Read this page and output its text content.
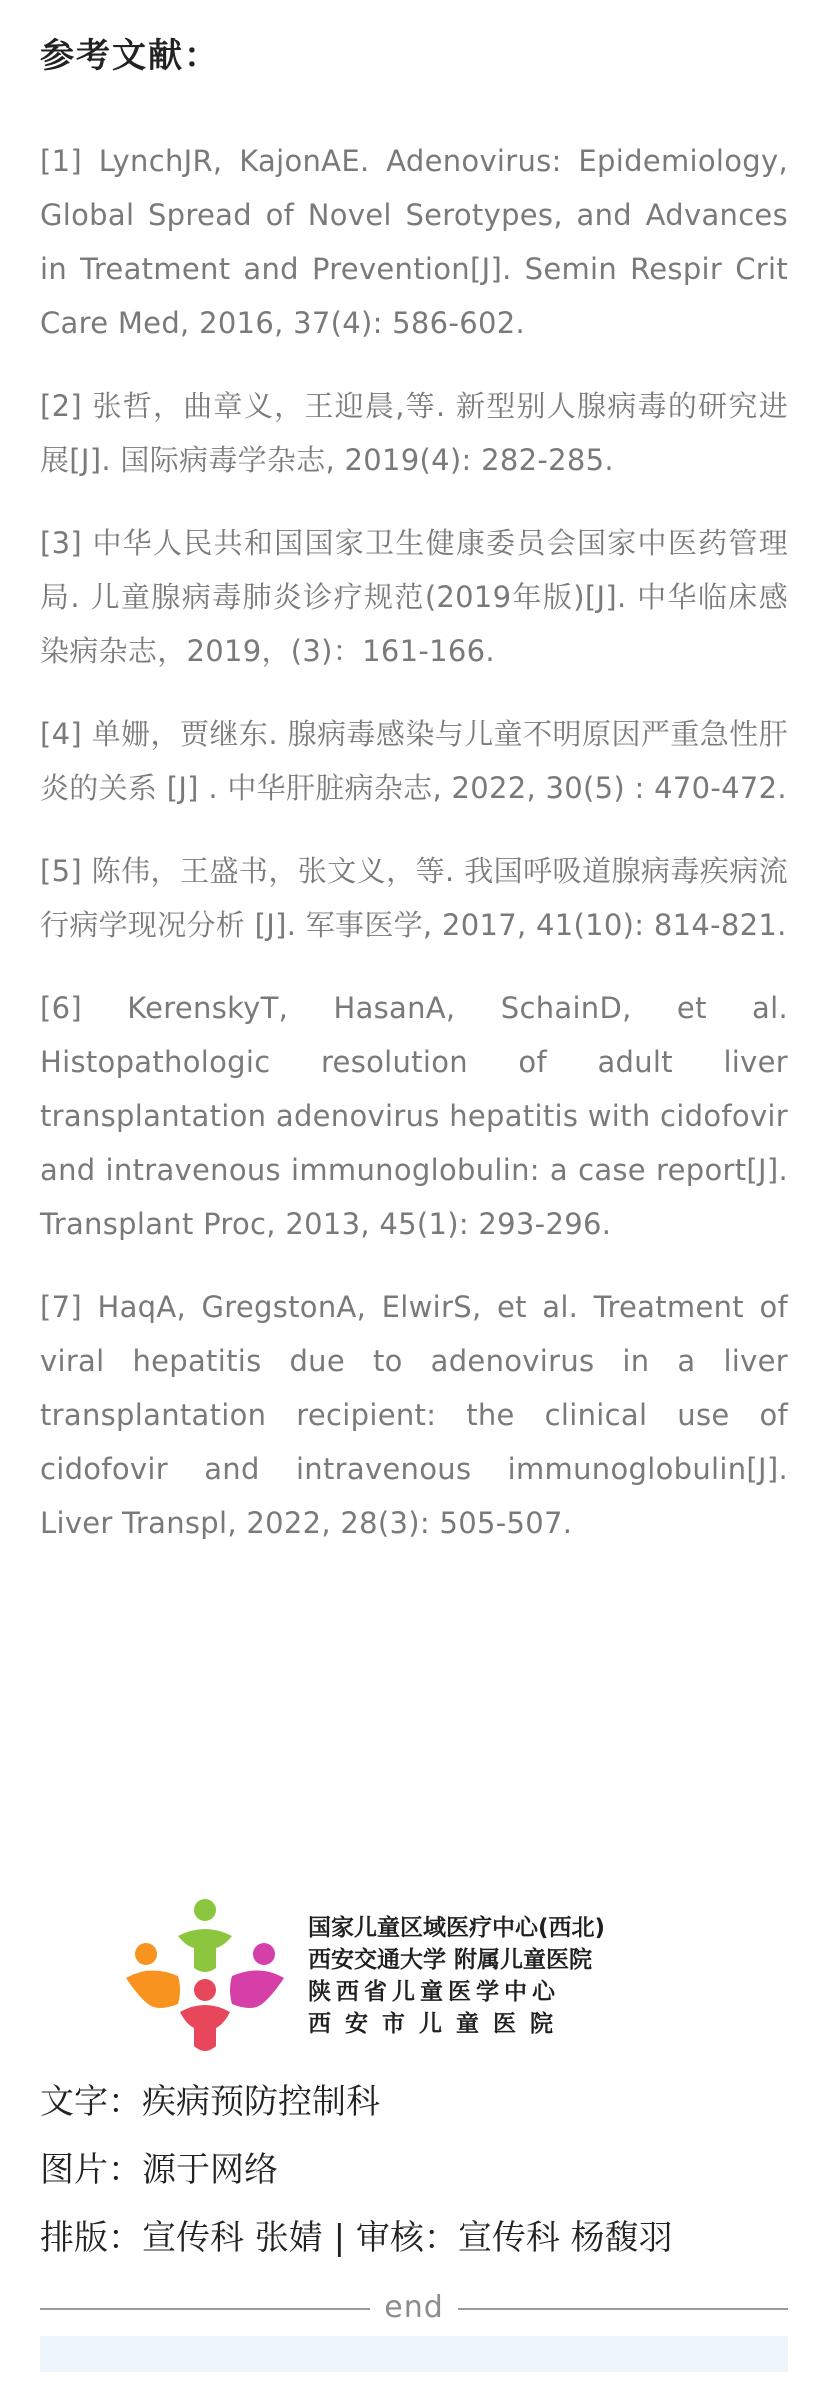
参考文献：

[1] LynchJR, KajonAE. Adenovirus: Epidemiology, Global Spread of Novel Serotypes, and Advances in Treatment and Prevention[J]. Semin Respir Crit Care Med, 2016, 37(4): 586-602.

[2] 张哲，曲章义，王迎晨,等. 新型别人腺病毒的研究进展[J]. 国际病毒学杂志, 2019(4): 282-285.

[3] 中华人民共和国国家卫生健康委员会国家中医药管理局. 儿童腺病毒肺炎诊疗规范(2019年版)[J]. 中华临床感染病杂志，2019，(3)：161-166.

[4] 单姗，贾继东. 腺病毒感染与儿童不明原因严重急性肝炎的关系 [J] . 中华肝脏病杂志, 2022, 30(5) : 470-472.

[5] 陈伟，王盛书，张文义，等. 我国呼吸道腺病毒疾病流行病学现况分析 [J]. 军事医学, 2017, 41(10): 814-821.

[6] KerenskyT, HasanA, SchainD, et al. Histopathologic resolution of adult liver transplantation adenovirus hepatitis with cidofovir and intravenous immunoglobulin: a case report[J]. Transplant Proc, 2013, 45(1): 293-296.

[7] HaqA, GregstonA, ElwirS, et al. Treatment of viral hepatitis due to adenovirus in a liver transplantation recipient: the clinical use of cidofovir and intravenous immunoglobulin[J]. Liver Transpl, 2022, 28(3): 505-507.

国家儿童区域医疗中心(西北)
西安交通大学 附属儿童医院
陕西省儿童医学中心
西安市儿童医院
文字：疾病预防控制科
图片：源于网络
排版：宣传科 张婧 | 审核：宣传科 杨馥羽
end
